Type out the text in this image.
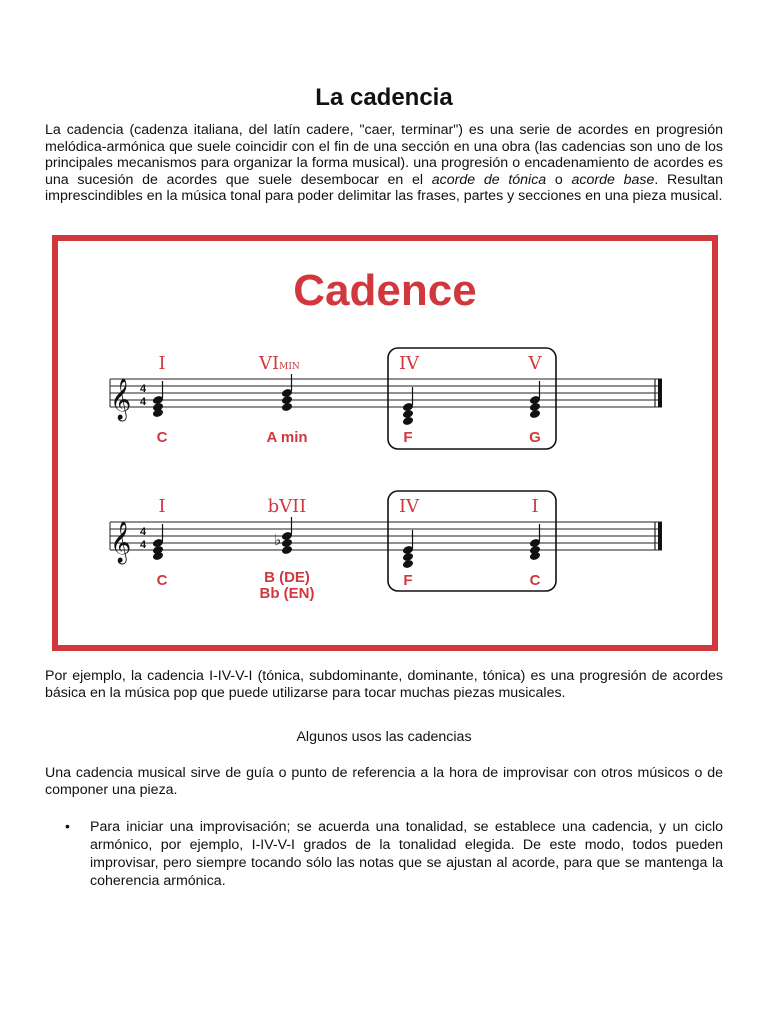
La cadencia
La cadencia (cadenza italiana, del latín cadere, "caer, terminar") es una serie de acordes en progresión melódica-armónica que suele coincidir con el fin de una sección en una obra (las cadencias son uno de los principales mecanismos para organizar la forma musical). una progresión o encadenamiento de acordes es una sucesión de acordes que suele desembocar en el acorde de tónica o acorde base. Resultan imprescindibles en la música tonal para poder delimitar las frases, partes y secciones en una pieza musical.
Cadence
𝄞 4
4
I	VIMIN	IV	V
C	A min	F	G
𝄞 4
4	♭
I	bVII	IV	I
C	B (DE)
Bb (EN)
F	C
Por ejemplo, la cadencia I-IV-V-I (tónica, subdominante, dominante, tónica) es una progresión de acordes básica en la música pop que puede utilizarse para tocar muchas piezas musicales.
Algunos usos las cadencias
Una cadencia musical sirve de guía o punto de referencia a la hora de improvisar con otros músicos o de componer una pieza.
• Para iniciar una improvisación; se acuerda una tonalidad, se establece una cadencia, y un ciclo armónico, por ejemplo, I-IV-V-I grados de la tonalidad elegida. De este modo, todos pueden improvisar, pero siempre tocando sólo las notas que se ajustan al acorde, para que se mantenga la coherencia armónica.
